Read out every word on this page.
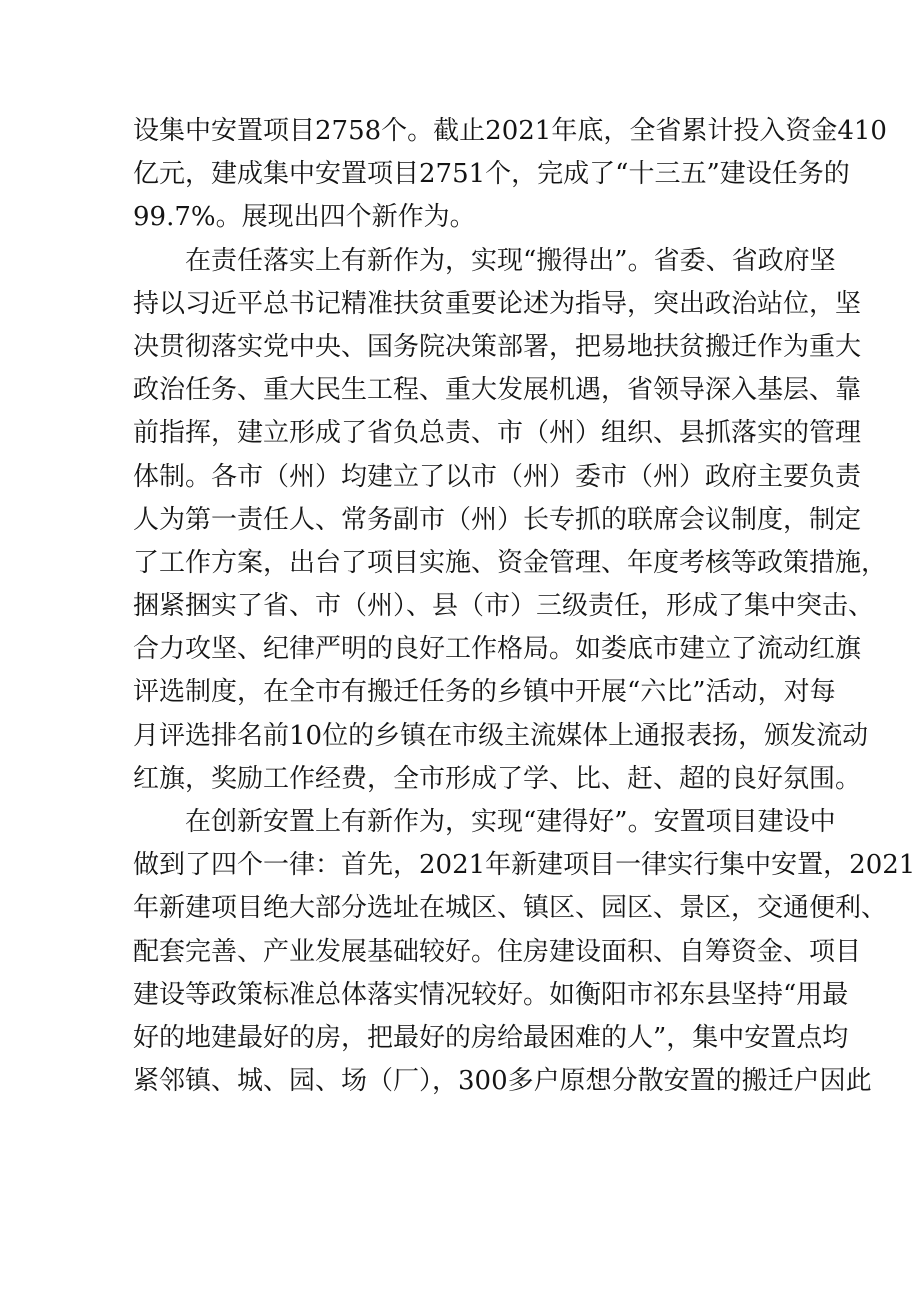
设集中安置项目2758个。截止2021年底，全省累计投入资金410
亿元，建成集中安置项目2751个，完成了“十三五”建设任务的
99.7%。展现出四个新作为。
在责任落实上有新作为，实现“搬得出”。省委、省政府坚
持以习近平总书记精准扶贫重要论述为指导，突出政治站位，坚
决贯彻落实党中央、国务院决策部署，把易地扶贫搬迁作为重大
政治任务、重大民生工程、重大发展机遇，省领导深入基层、靠
前指挥，建立形成了省负总责、市（州）组织、县抓落实的管理
体制。各市（州）均建立了以市（州）委市（州）政府主要负责
人为第一责任人、常务副市（州）长专抓的联席会议制度，制定
了工作方案，出台了项目实施、资金管理、年度考核等政策措施，
捆紧捆实了省、市（州）、县（市）三级责任，形成了集中突击、
合力攻坚、纪律严明的良好工作格局。如娄底市建立了流动红旗
评选制度，在全市有搬迁任务的乡镇中开展“六比”活动，对每
月评选排名前10位的乡镇在市级主流媒体上通报表扬，颁发流动
红旗，奖励工作经费，全市形成了学、比、赶、超的良好氛围。
在创新安置上有新作为，实现“建得好”。安置项目建设中
做到了四个一律：首先，2021年新建项目一律实行集中安置，2021
年新建项目绝大部分选址在城区、镇区、园区、景区，交通便利、
配套完善、产业发展基础较好。住房建设面积、自筹资金、项目
建设等政策标准总体落实情况较好。如衡阳市祁东县坚持“用最
好的地建最好的房，把最好的房给最困难的人”，集中安置点均
紧邻镇、城、园、场（厂），300多户原想分散安置的搬迁户因此
